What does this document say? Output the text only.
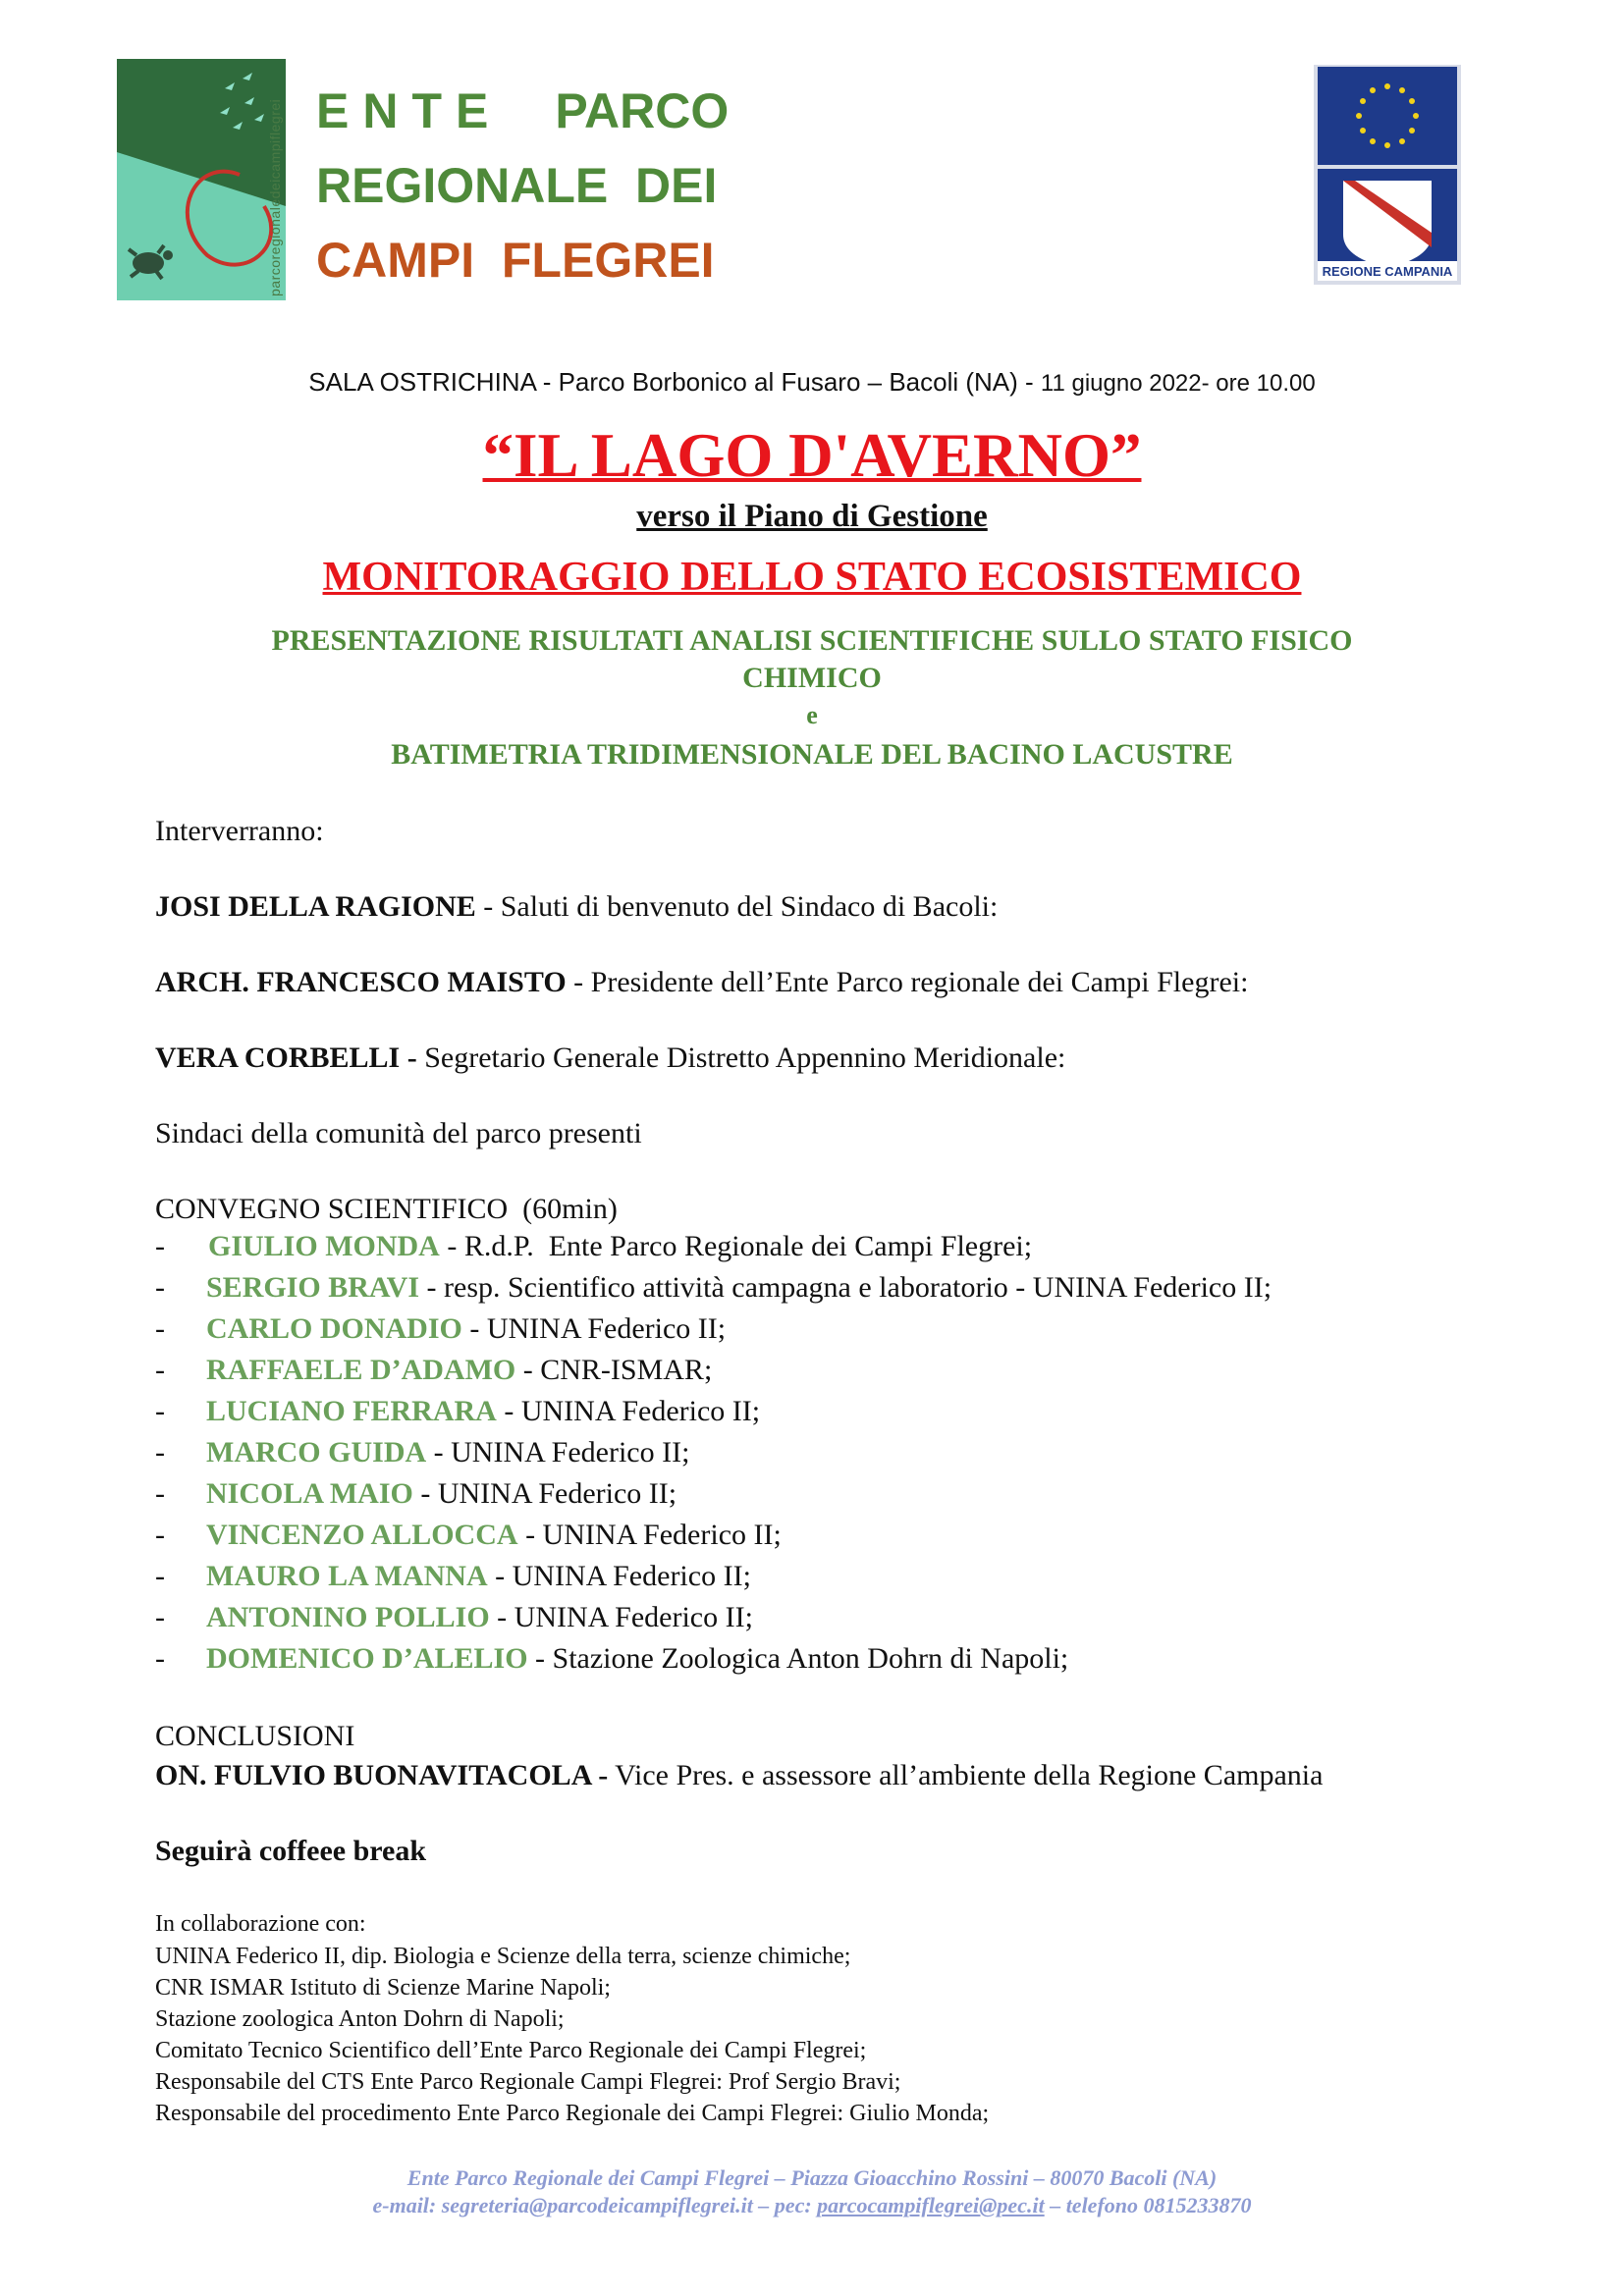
parcoregionaledeicampiflegrei ENTE PARCO
REGIONALE  DEI
CAMPI  FLEGREI	REGIONE CAMPANIA
SALA OSTRICHINA - Parco Borbonico al Fusaro – Bacoli (NA) - 11 giugno 2022- ore 10.00
“IL LAGO D'AVERNO”
verso il Piano di Gestione
MONITORAGGIO DELLO STATO ECOSISTEMICO
PRESENTAZIONE RISULTATI ANALISI SCIENTIFICHE SULLO STATO FISICO
CHIMICO
e
BATIMETRIA TRIDIMENSIONALE DEL BACINO LACUSTRE
Interverranno:
JOSI DELLA RAGIONE - Saluti di benvenuto del Sindaco di Bacoli:
ARCH. FRANCESCO MAISTO - Presidente dell’Ente Parco regionale dei Campi Flegrei:
VERA CORBELLI - Segretario Generale Distretto Appennino Meridionale:
Sindaci della comunità del parco presenti
CONVEGNO SCIENTIFICO  (60min)
- GIULIO MONDA - R.d.P.  Ente Parco Regionale dei Campi Flegrei;
- SERGIO BRAVI - resp. Scientifico attività campagna e laboratorio - UNINA Federico II;
- CARLO DONADIO - UNINA Federico II;
- RAFFAELE D’ADAMO - CNR-ISMAR;
- LUCIANO FERRARA - UNINA Federico II;
- MARCO GUIDA - UNINA Federico II;
- NICOLA MAIO - UNINA Federico II;
- VINCENZO ALLOCCA - UNINA Federico II;
- MAURO LA MANNA - UNINA Federico II;
- ANTONINO POLLIO - UNINA Federico II;
- DOMENICO D’ALELIO - Stazione Zoologica Anton Dohrn di Napoli;
CONCLUSIONI
ON. FULVIO BUONAVITACOLA - Vice Pres. e assessore all’ambiente della Regione Campania
Seguirà coffeee break
In collaborazione con:
UNINA Federico II, dip. Biologia e Scienze della terra, scienze chimiche;
CNR ISMAR Istituto di Scienze Marine Napoli;
Stazione zoologica Anton Dohrn di Napoli;
Comitato Tecnico Scientifico dell’Ente Parco Regionale dei Campi Flegrei;
Responsabile del CTS Ente Parco Regionale Campi Flegrei: Prof Sergio Bravi;
Responsabile del procedimento Ente Parco Regionale dei Campi Flegrei: Giulio Monda;
Ente Parco Regionale dei Campi Flegrei – Piazza Gioacchino Rossini – 80070 Bacoli (NA)
e-mail: segreteria@parcodeicampiflegrei.it – pec: parcocampiflegrei@pec.it – telefono 0815233870
